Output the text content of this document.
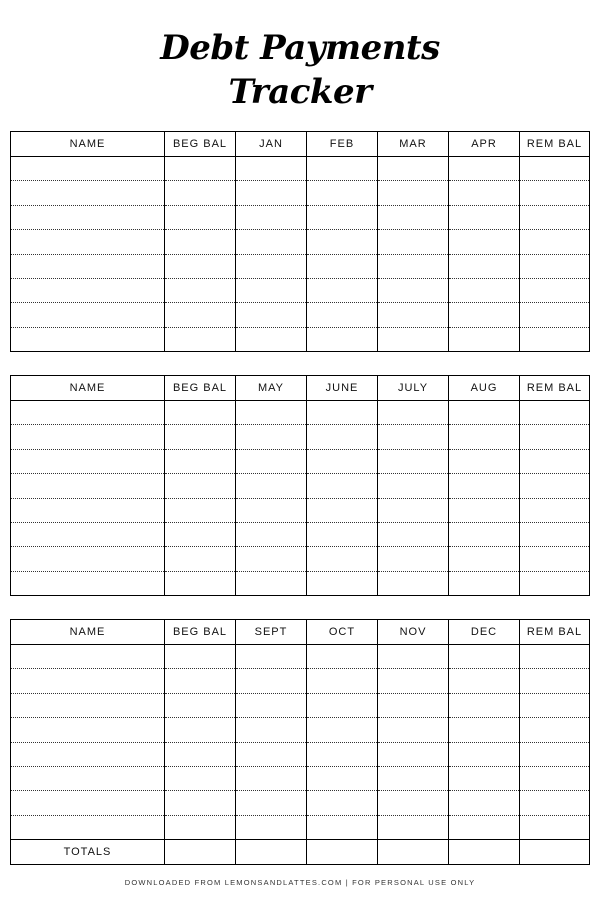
Debt Payments
Tracker
NAME	BEG BAL	JAN	FEB	MAR	APR	REM BAL

NAME	BEG BAL	MAY	JUNE	JULY	AUG	REM BAL

NAME	BEG BAL	SEPT	OCT	NOV	DEC	REM BAL

TOTALS						
DOWNLOADED FROM LEMONSANDLATTES.COM | FOR PERSONAL USE ONLY
